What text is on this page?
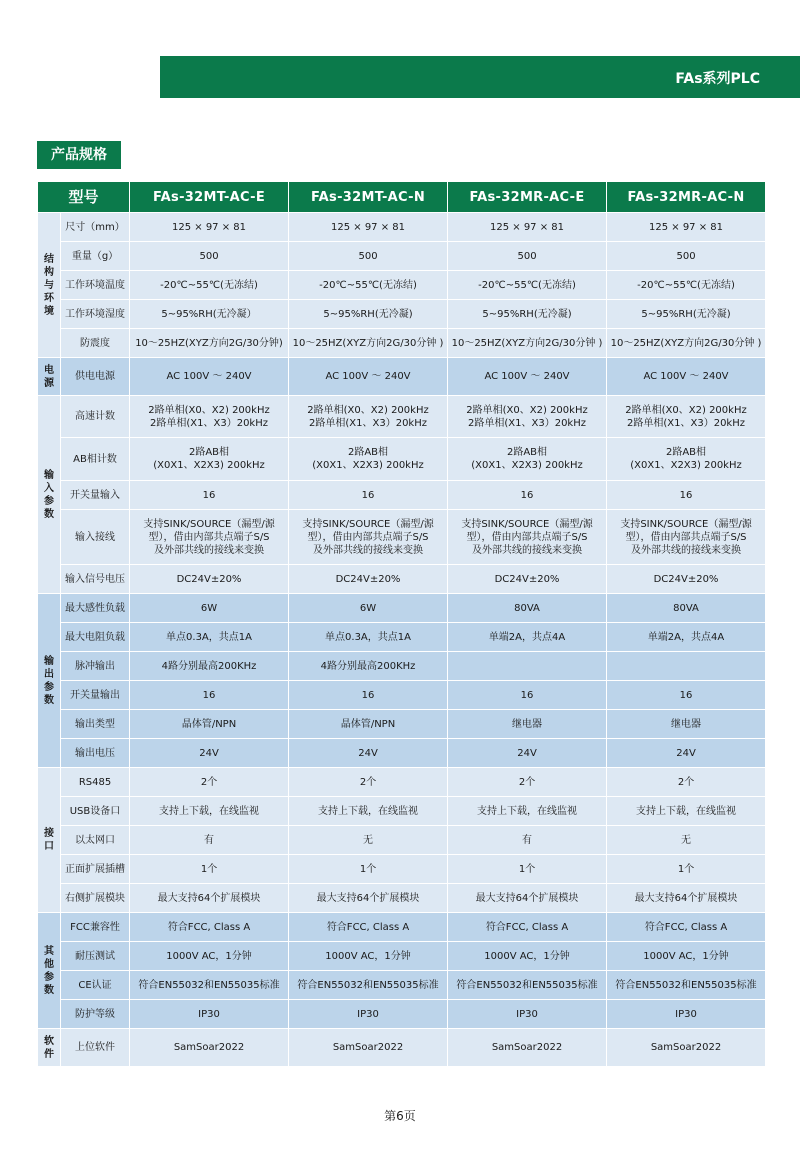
FAs系列PLC
产品规格
型号		FAs-32MT-AC-E	FAs-32MT-AC-N	FAs-32MR-AC-E	FAs-32MR-AC-N
结
构
与
环
境	尺寸（mm）	125 × 97 × 81	125 × 97 × 81	125 × 97 × 81	125 × 97 × 81
	重量（g）	500	500	500	500
	工作环境温度	-20℃~55℃(无冻结)	-20℃~55℃(无冻结)	-20℃~55℃(无冻结)	-20℃~55℃(无冻结)
	工作环境湿度	5~95%RH(无冷凝）	5~95%RH(无冷凝)	5~95%RH(无冷凝)	5~95%RH(无冷凝)
	防震度	10～25HZ(XYZ方向2G/30分钟)	10～25HZ(XYZ方向2G/30分钟 )	10～25HZ(XYZ方向2G/30分钟 )	10～25HZ(XYZ方向2G/30分钟 )
电
源	供电电源	AC 100V ～ 240V	AC 100V ～ 240V	AC 100V ～ 240V	AC 100V ～ 240V
输
入
参
数	高速计数	2路单相(X0、X2) 200kHz
2路单相(X1、X3）20kHz	2路单相(X0、X2) 200kHz
2路单相(X1、X3）20kHz	2路单相(X0、X2) 200kHz
2路单相(X1、X3）20kHz	2路单相(X0、X2) 200kHz
2路单相(X1、X3）20kHz
	AB相计数	2路AB相
(X0X1、X2X3) 200kHz	2路AB相
(X0X1、X2X3) 200kHz	2路AB相
(X0X1、X2X3) 200kHz	2路AB相
(X0X1、X2X3) 200kHz
	开关量输入	16	16	16	16
	输入接线	支持SINK/SOURCE（漏型/源
型），借由内部共点端子S/S
及外部共线的接线来变换	支持SINK/SOURCE（漏型/源
型），借由内部共点端子S/S
及外部共线的接线来变换	支持SINK/SOURCE（漏型/源
型），借由内部共点端子S/S
及外部共线的接线来变换	支持SINK/SOURCE（漏型/源
型），借由内部共点端子S/S
及外部共线的接线来变换
	输入信号电压	DC24V±20%	DC24V±20%	DC24V±20%	DC24V±20%
输
出
参
数	最大感性负载	6W	6W	80VA	80VA
	最大电阻负载	单点0.3A，共点1A	单点0.3A，共点1A	单端2A，共点4A	单端2A，共点4A
	脉冲输出	4路分别最高200KHz	4路分别最高200KHz		
	开关量输出	16	16	16	16
	输出类型	晶体管/NPN	晶体管/NPN	继电器	继电器
	输出电压	24V	24V	24V	24V
接
口	RS485	2个	2个	2个	2个
	USB设备口	支持上下载，在线监视	支持上下载，在线监视	支持上下载，在线监视	支持上下载，在线监视
	以太网口	有	无	有	无
	正面扩展插槽	1个	1个	1个	1个
	右侧扩展模块	最大支持64个扩展模块	最大支持64个扩展模块	最大支持64个扩展模块	最大支持64个扩展模块
其
他
参
数	FCC兼容性	符合FCC, Class A	符合FCC, Class A	符合FCC, Class A	符合FCC, Class A
	耐压测试	1000V AC，1分钟	1000V AC，1分钟	1000V AC，1分钟	1000V AC，1分钟
	CE认证	符合EN55032和EN55035标准	符合EN55032和EN55035标准	符合EN55032和EN55035标准	符合EN55032和EN55035标准
	防护等级	IP30	IP30	IP30	IP30
软
件	上位软件	SamSoar2022	SamSoar2022	SamSoar2022	SamSoar2022
第6页
